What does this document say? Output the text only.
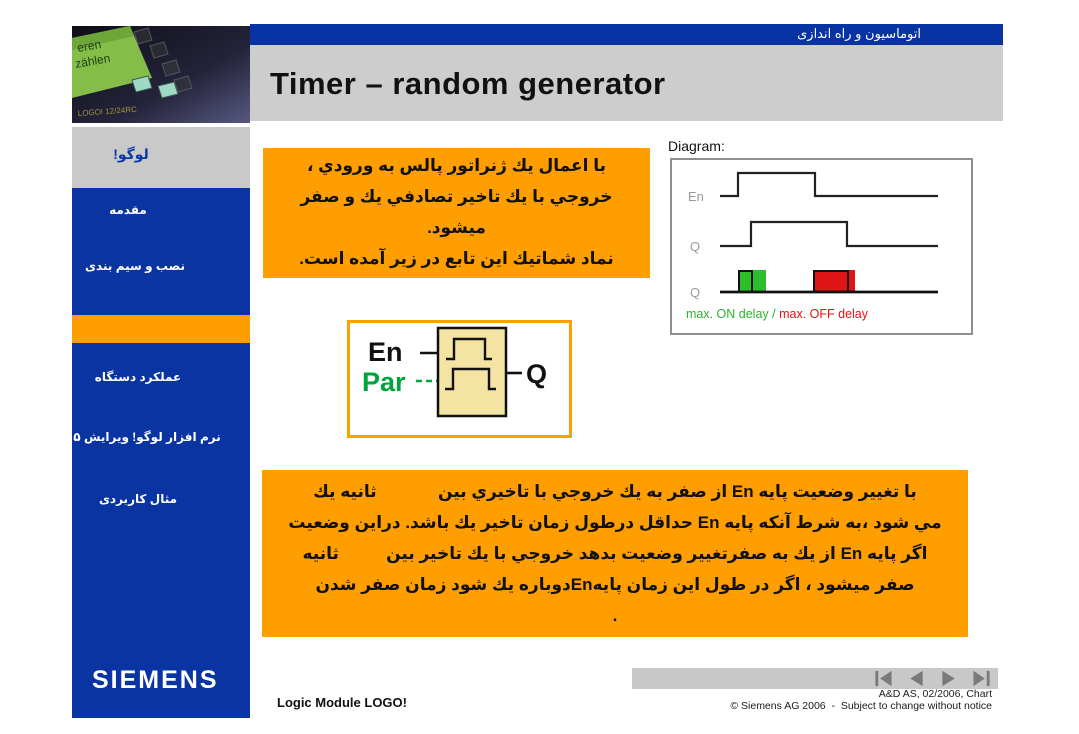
eren
zählen
LOGO! 12/24RC
اتوماسيون و راه اندازی
Timer – random generator
لوگو!
مقدمه
نصب و سيم بندی
عملکرد دستگاه
نرم افزار لوگو! ويرايش ۵
مثال کاربردی
SIEMENS
با اعمال يك ژنراتور پالس به ورودي ،
خروجي با يك تاخير تصادفي يك و صفر
ميشود.
نماد شماتيك اين تابع در زير آمده است.
Diagram:
En
Q
Q
max. ON delay / max. OFF delay
En
Par	Q
با تغيير وضعيت پايه En از صفر به يك خروجي با تاخيري بين             ثانيه يك
مي شود ،به شرط آنكه پايه En حداقل درطول زمان تاخير يك باشد. دراين وضعيت
اگر پايه En از يك به صفرتغيير وضعيت بدهد خروجي با يك تاخير بين          ثانيه
صفر ميشود ، اگر در طول اين زمان پايهEnدوباره يك شود زمان صفر شدن
.
Logic Module LOGO!
A&D AS, 02/2006, Chart
© Siemens AG 2006  -  Subject to change without notice
